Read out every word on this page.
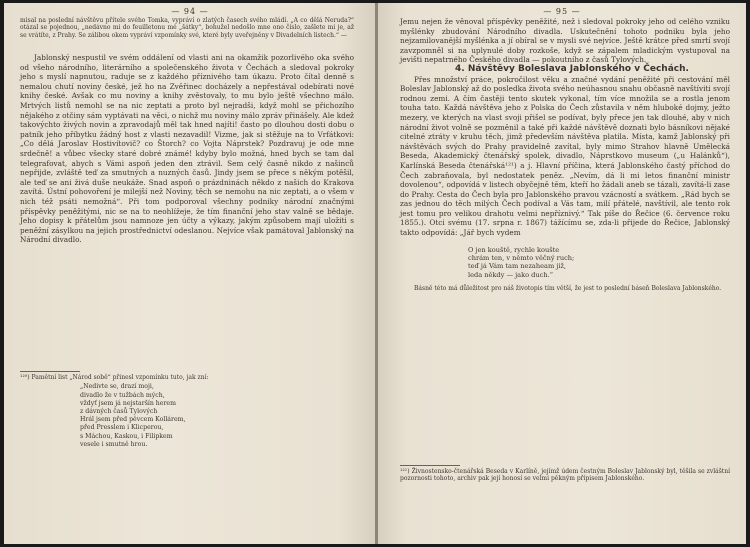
— 94 —

misal na poslední návštěvu přítele svého Tomka, vypráví o zlatých časech svého mládí. „A co dělá Neruda?“ otázal se pojednou, „nedávno mi do feuilletonu mé „šátky“, bohužel nedošlo mne ono číslo, zašlete mi je, až se vrátíte, z Prahy. Se zálibou okem vypráví vzpomínky své, které byly uveřejněny v Divadelních listech.“ —

Jablonský nespustil ve svém oddálení od vlasti ani na okamžik pozorlivého oka svého od všeho národního, literárního a společenského života v Čechách a sledoval pokroky jeho s myslí napnutou, raduje se z každého příznivého tam úkazu. Proto čítal denně s nemalou chutí noviny české, jež ho na Zvěřinec docházely a nepřestával odebírati nové knihy české. Avšak co mu noviny a knihy zvěstovaly, to mu bylo ještě všechno málo. Mrtvých listů nemohl se na nic zeptati a proto byl nejradši, když mohl se přichozího nějakého z otčiny sám vyptávati na věci, o nichž mu noviny málo zpráv přinášely. Ale kdež takovýchto živých novin a zpravodajů měl tak hned najíti! často po dlouhou dosti dobu o patník jeho příbytku žádný host z vlasti nezavadil! Vizme, jak si stěžuje na to Vrfátkovi: „Co dělá Jaroslav Hostivítovič? co Štorch? co Vojta Náprstek? Pozdravuj je ode mne srdečně! a vůbec všecky staré dobré známé! kdyby bylo možná, hned bych se tam dal telegrafovat, abych s Vámi aspoň jeden den ztrávil. Sem celý časně nikdo z našinců nepřijde, zvláště teď za smutných a nuzných časů. Jindy jsem se přece s někým potěšil, ale teď se ani živá duše neukáže. Snad aspoň o prázdninách někdo z našich do Krakova zavítá. Ústní pohovoření je milejší než Noviny, těch se nemohu na nic zeptati, a o všem v nich též psáti nemožná“. Při tom podporoval všechny podniky národní značnými příspěvky peněžitými, nic se na to neohlížeje, že tím finanční jeho stav valně se bědaje. Jeho dopisy k přátelům jsou namnoze jen účty a výkazy, jakým způsobem mají uložiti s peněžní zásylkou na jejich prostřednictví odeslanou. Nejvíce však památoval Jablonský na Národní divadlo.

¹²⁰) Pamětní list „Národ sobě“ přinesl vzpomínku tuto, jak zní:

„Nedivte se, drazí moji,
divadlo že v tužbách mých,
vždyť jsem já nejstaršín herem
z dávných časů Tylových
Hrál jsem před pěvcem Kollárem,
před Presslem i Klicperou,
s Máchou, Kaskou, i Filipkem
vesele i smutně hrou.
— 95 —

Jemu nejen že věnoval příspěvky peněžité, než i sledoval pokroky jeho od celého vzniku myšlénky zbudování Národního divadla. Uskutečnění tohoto podniku byla jeho nejzamilovanější myšlénka a jí obíral se v mysli své nejvíce. Ještě krátce před smrtí svojí zavzpomněl si na uplynulé doby rozkoše, když se zápalem mladickým vystupoval na jevišti nepatrného Českého divadla — pokoutního z časů Tylových.

4. Návštěvy Boleslava Jablonského v Čechách.

Přes množství práce, pokročilost věku a značné vydání peněžité při cestování měl Boleslav Jablonský až do posledka života svého neúhasnou snahu občasně navštíviti svojí rodnou zemi. A čím častěji tento skutek vykonal, tím více množila se a rostla jenom touha tato. Každá návštěva jeho z Polska do Čech zůstavila v něm hluboké dojmy, ježto mezery, ve kterých na vlast svoji přišel se podívat, byly přece jen tak dlouhé, aby v nich národní život volně se pozměnil a také při každé návštěvě doznati bylo básníkovi nějaké citelné ztráty v kruhu těch, jimž především návštěva platila. Místa, kamž Jablonský při návštěvách svých do Prahy pravidelně zavítal, byly mimo Strahov hlavně Umělecká Beseda, Akademický čtenářský spolek, divadlo, Náprstkovo museum („u Halánků“), Karlínská Beseda čtenářská¹²¹) a j. Hlavní příčina, která Jablonského častý příchod do Čech zabraňovala, byl nedostatek peněz. „Nevím, dá li mi letos finanční ministr dovolenou“, odpovídá v listech obyčejně těm, kteří ho žádali aneb se tázali, zavítá-li zase do Prahy. Cesta do Čech byla pro Jablonského pravou vzácností a svátkem. „Rád bych se zas jednou do těch milých Čech podíval a Vás tam, milí přátelé, navštívil, ale tento rok jest tomu pro velikou drahotu velmi nepříznivý.“ Tak píše do Řečice (6. července roku 1855.). Otci svému (17. srpna r. 1867) tážícímu se, zda-li přijede do Řečice, Jablonský takto odpovídá: „Jář bych vydem

O jen kouště, rychle koušte
chrám ten, v němto věčný ruch;
teď já Vám tam nezaheam již,
leda někdy — jako duch.“

Básně této má důležitost pro náš životopis tím větší, že jest to poslední báseň Boleslava Jablonského.

¹²¹) Živnostensko-čtenářská Beseda v Karlíně, jejímž údem čestným Boleslav Jablonský byl, těšila se zvláštní pozornosti tohoto, archiv pak její honosí se velmi pěkným přípisem Jablonského.
